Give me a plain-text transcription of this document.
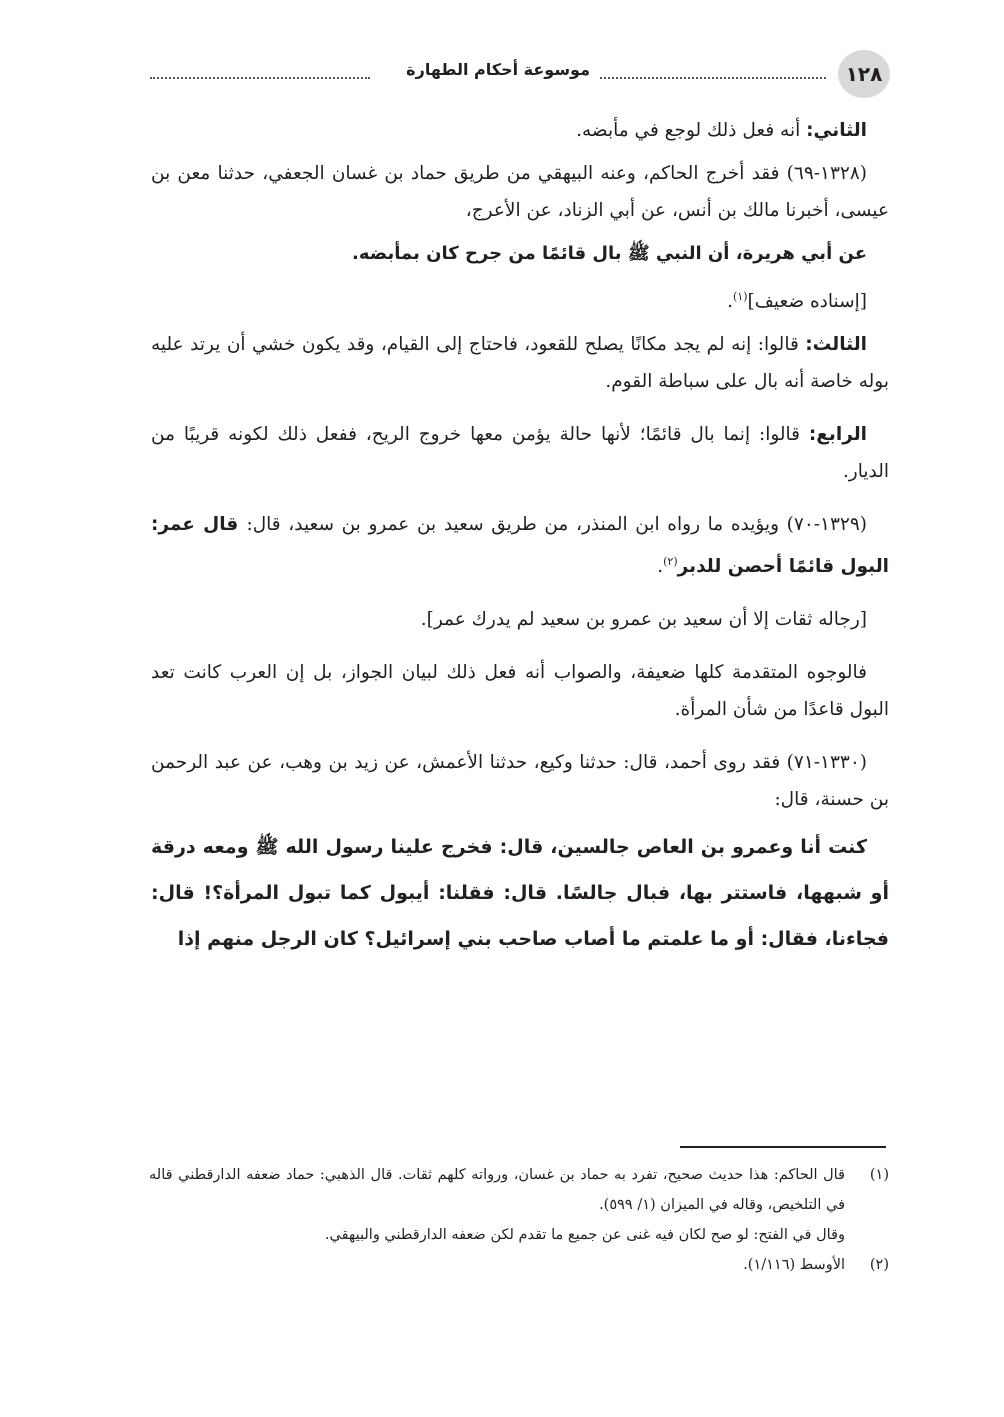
١٢٨
موسوعة أحكام الطهارة

الثاني: أنه فعل ذلك لوجع في مأبضه.

(١٣٢٨-٦٩) فقد أخرج الحاكم، وعنه البيهقي من طريق حماد بن غسان الجعفي، حدثنا معن بن عيسى، أخبرنا مالك بن أنس، عن أبي الزناد، عن الأعرج،

عن أبي هريرة، أن النبي ﷺ بال قائمًا من جرح كان بمأبضه.

[إسناده ضعيف]$^{(١)}$.

الثالث: قالوا: إنه لم يجد مكانًا يصلح للقعود، فاحتاج إلى القيام، وقد يكون خشي أن يرتد عليه بوله خاصة أنه بال على سباطة القوم.

الرابع: قالوا: إنما بال قائمًا؛ لأنها حالة يؤمن معها خروج الريح، ففعل ذلك لكونه قريبًا من الديار.

(١٣٢٩-٧٠) ويؤيده ما رواه ابن المنذر، من طريق سعيد بن عمرو بن سعيد، قال: قال عمر: البول قائمًا أحصن للدبر$^{(٢)}$.

[رجاله ثقات إلا أن سعيد بن عمرو بن سعيد لم يدرك عمر].

فالوجوه المتقدمة كلها ضعيفة، والصواب أنه فعل ذلك لبيان الجواز، بل إن العرب كانت تعد البول قاعدًا من شأن المرأة.

(١٣٣٠-٧١) فقد روى أحمد، قال: حدثنا وكيع، حدثنا الأعمش، عن زيد بن وهب، عن عبد الرحمن بن حسنة، قال:

كنت أنا وعمرو بن العاص جالسين، قال: فخرج علينا رسول الله ﷺ ومعه درقة أو شبهها، فاستتر بها، فبال جالسًا. قال: فقلنا: أيبول كما تبول المرأة؟! قال: فجاءنا، فقال: أو ما علمتم ما أصاب صاحب بني إسرائيل؟ كان الرجل منهم إذا

(١)
قال الحاكم: هذا حديث صحيح، تفرد به حماد بن غسان، ورواته كلهم ثقات. قال الذهبي: حماد ضعفه الدارقطني قاله في التلخيص، وقاله في الميزان (١/ ٥٩٩).
وقال في الفتح: لو صح لكان فيه غنى عن جميع ما تقدم لكن ضعفه الدارقطني والبيهقي.
(٢)
الأوسط (١/١١٦).
